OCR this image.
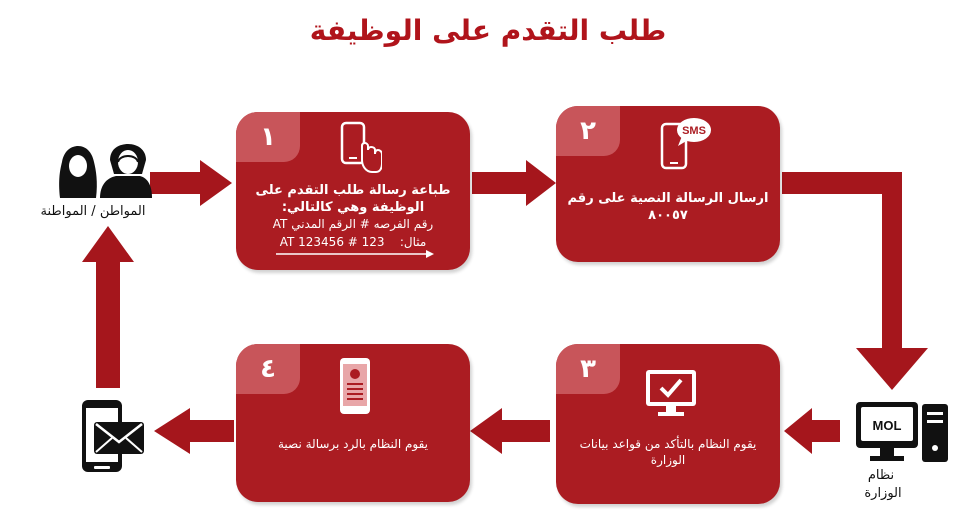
طلب التقدم على الوظيفة
المواطن / المواطنة
١
طباعة رسالة طلب التقدم على
الوظيفة وهي كالتالي:
رقم الفرصه # الرقم المدني AT
مثال:    AT 123456 # 123
٢	SMS
ارسال الرسالة النصية على رقم
٨٠٠٥٧
MOL
نظام
الوزارة
٣
يقوم النظام بالتأكد من قواعد بيانات
الوزارة
٤
يقوم النظام بالرد برسالة نصية
